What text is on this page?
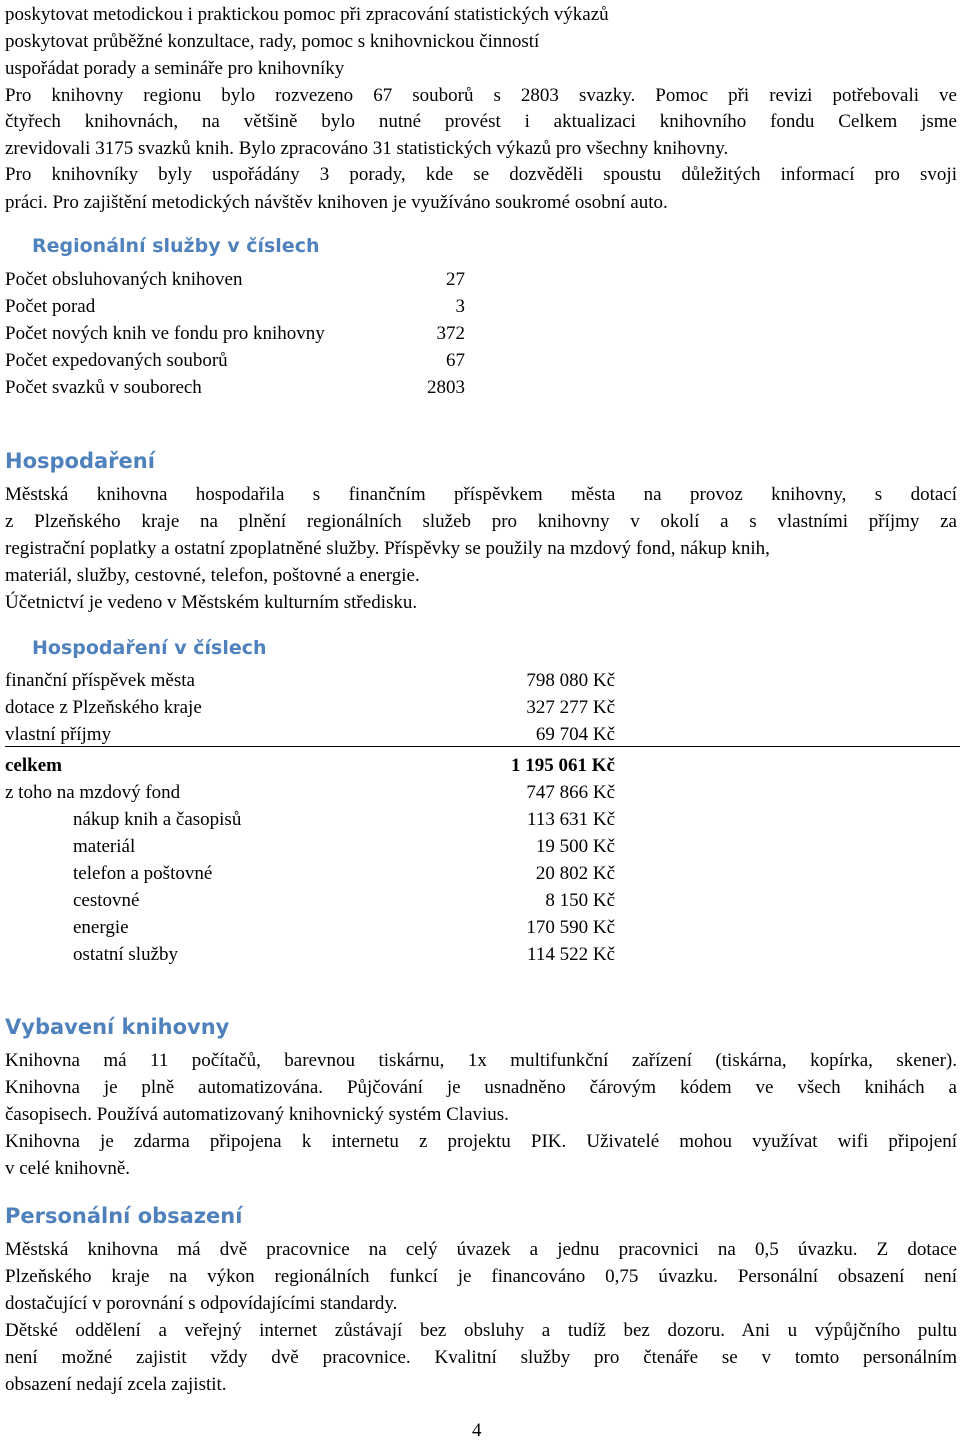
poskytovat metodickou i praktickou pomoc při zpracování statistických výkazů
poskytovat průběžné konzultace, rady, pomoc s knihovnickou činností
uspořádat porady a semináře pro knihovníky
Pro knihovny regionu bylo rozvezeno 67 souborů s 2803 svazky. Pomoc při revizi potřebovali ve
čtyřech knihovnách, na většině bylo nutné provést i aktualizaci knihovního fondu Celkem jsme
zrevidovali 3175 svazků knih. Bylo zpracováno 31 statistických výkazů pro všechny knihovny.
Pro knihovníky byly uspořádány 3 porady, kde se dozvěděli spoustu důležitých informací pro svoji
práci. Pro zajištění metodických návštěv knihoven je využíváno soukromé osobní auto.
Regionální služby v číslech
Počet obsluhovaných knihoven	27
Počet porad	3
Počet nových knih ve fondu pro knihovny	372
Počet expedovaných souborů	67
Počet svazků v souborech	2803
Hospodaření
Městská knihovna hospodařila s finančním příspěvkem města na provoz knihovny, s dotací
z Plzeňského kraje na plnění regionálních služeb pro knihovny v okolí a s vlastními příjmy za
registrační poplatky a ostatní zpoplatněné služby. Příspěvky se použily na mzdový fond, nákup knih,
materiál, služby, cestovné, telefon, poštovné a energie.
Účetnictví je vedeno v Městském kulturním středisku.
Hospodaření v číslech
finanční příspěvek města	798 080 Kč
dotace z Plzeňského kraje	327 277 Kč
vlastní příjmy	69 704 Kč
celkem	1 195 061 Kč
z toho na mzdový fond	747 866 Kč
nákup knih a časopisů	113 631 Kč
materiál	19 500 Kč
telefon a poštovné	20 802 Kč
cestovné	8 150 Kč
energie	170 590 Kč
ostatní služby	114 522 Kč
Vybavení knihovny
Knihovna má 11 počítačů, barevnou tiskárnu, 1x multifunkční zařízení (tiskárna, kopírka, skener).
Knihovna je plně automatizována. Půjčování je usnadněno čárovým kódem ve všech knihách a
časopisech. Používá automatizovaný knihovnický systém Clavius.
Knihovna je zdarma připojena k internetu z projektu PIK. Uživatelé mohou využívat wifi připojení
v celé knihovně.
Personální obsazení
Městská knihovna má dvě pracovnice na celý úvazek a jednu pracovnici na 0,5 úvazku. Z dotace
Plzeňského kraje na výkon regionálních funkcí je financováno 0,75 úvazku. Personální obsazení není
dostačující v porovnání s odpovídajícími standardy.
Dětské oddělení a veřejný internet zůstávají bez obsluhy a tudíž bez dozoru. Ani u výpůjčního pultu
není možné zajistit vždy dvě pracovnice. Kvalitní služby pro čtenáře se v tomto personálním
obsazení nedají zcela zajistit.
4
